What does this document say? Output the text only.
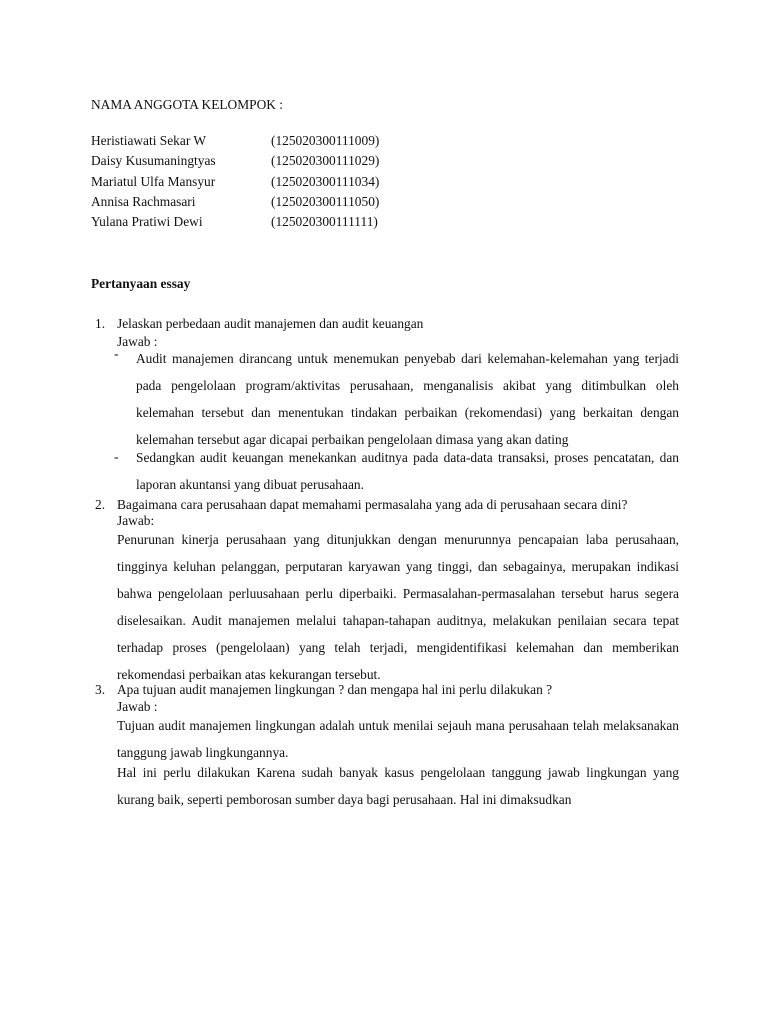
NAMA ANGGOTA KELOMPOK :
Heristiawati Sekar W	(125020300111009)
Daisy Kusumaningtyas	(125020300111029)
Mariatul Ulfa Mansyur	(125020300111034)
Annisa Rachmasari	(125020300111050)
Yulana Pratiwi Dewi	(125020300111111)
Pertanyaan essay
1. Jelaskan perbedaan audit manajemen dan audit keuangan
Jawab :
- Audit manajemen dirancang untuk menemukan penyebab dari kelemahan-kelemahan yang terjadi pada pengelolaan program/aktivitas perusahaan, menganalisis akibat yang ditimbulkan oleh kelemahan tersebut dan menentukan tindakan perbaikan (rekomendasi) yang berkaitan dengan kelemahan tersebut agar dicapai perbaikan pengelolaan dimasa yang akan dating
- Sedangkan audit keuangan menekankan auditnya pada data-data transaksi, proses pencatatan, dan laporan akuntansi yang dibuat perusahaan.
2. Bagaimana cara perusahaan dapat memahami permasalaha yang ada di perusahaan secara dini?
Jawab:
Penurunan kinerja perusahaan yang ditunjukkan dengan menurunnya pencapaian laba perusahaan, tingginya keluhan pelanggan, perputaran karyawan yang tinggi, dan sebagainya, merupakan indikasi bahwa pengelolaan perluusahaan perlu diperbaiki. Permasalahan-permasalahan tersebut harus segera diselesaikan. Audit manajemen melalui tahapan-tahapan auditnya, melakukan penilaian secara tepat terhadap proses (pengelolaan) yang telah terjadi, mengidentifikasi kelemahan dan memberikan rekomendasi perbaikan atas kekurangan tersebut.
3. Apa tujuan audit manajemen lingkungan ? dan mengapa hal ini perlu dilakukan ?
Jawab :
Tujuan audit manajemen lingkungan adalah untuk menilai sejauh mana perusahaan telah melaksanakan tanggung jawab lingkungannya.
Hal ini perlu dilakukan Karena sudah banyak kasus pengelolaan tanggung jawab lingkungan yang kurang baik, seperti pemborosan sumber daya bagi perusahaan. Hal ini dimaksudkan
